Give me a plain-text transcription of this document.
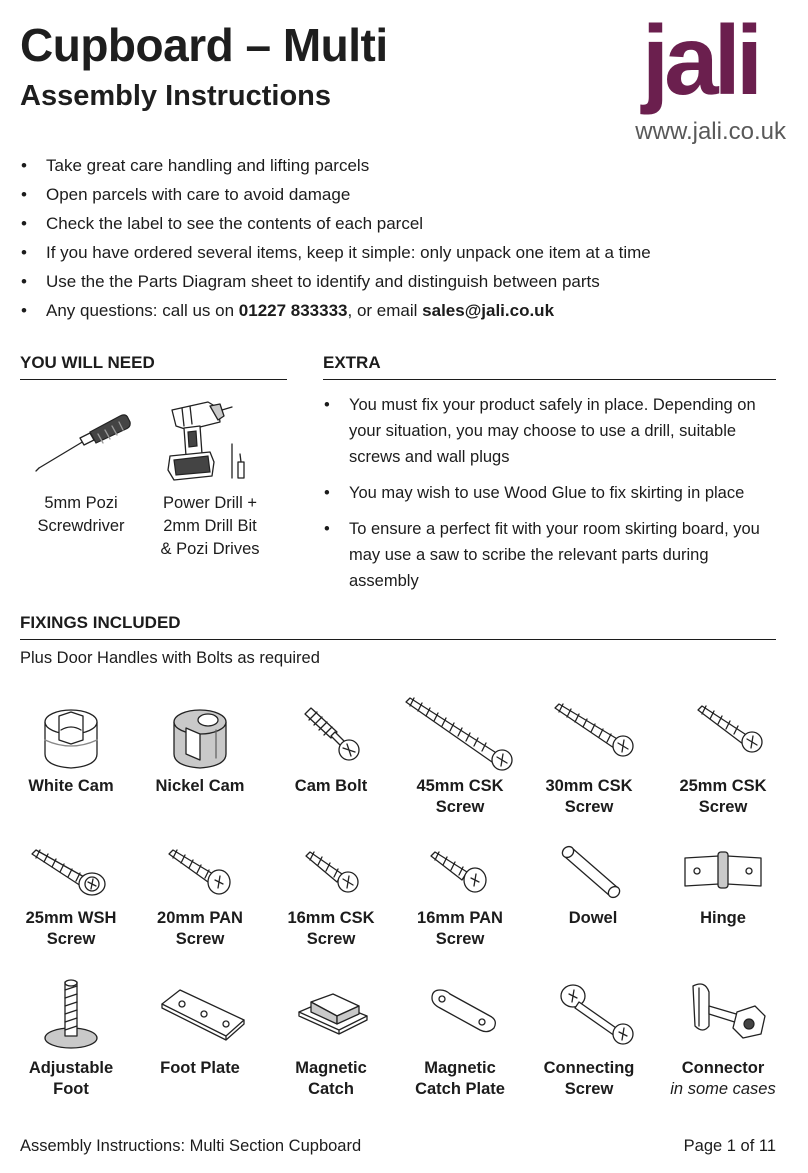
Cupboard – Multi
Assembly Instructions	jali
www.jali.co.uk
• Take great care handling and lifting parcels
• Open parcels with care to avoid damage
• Check the label to see the contents of each parcel
• If you have ordered several items, keep it simple: only unpack one item at a time
• Use the the Parts Diagram sheet to identify and distinguish between parts
• Any questions: call us on 01227 833333, or email sales@jali.co.uk
YOU WILL NEED
5mm Pozi
Screwdriver
Power Drill +
2mm Drill Bit
& Pozi Drives
EXTRA
• You must fix your product safely in place. Depending on your situation, you may choose to use a drill, suitable screws and wall plugs
• You may wish to use Wood Glue to fix skirting in place
• To ensure a perfect fit with your room skirting board, you may use a saw to scribe the relevant parts during assembly
FIXINGS INCLUDED
Plus Door Handles with Bolts as required
White Cam	Nickel Cam	Cam Bolt	45mm CSK
Screw
30mm CSK
Screw
25mm CSK
Screw
25mm WSH
Screw
20mm PAN
Screw
16mm CSK
Screw
16mm PAN
Screw
Dowel	Hinge
Adjustable
Foot
Foot Plate	Magnetic
Catch
Magnetic
Catch Plate
Connecting
Screw
Connector
in some cases
Assembly Instructions: Multi Section Cupboard	Page 1 of 11
